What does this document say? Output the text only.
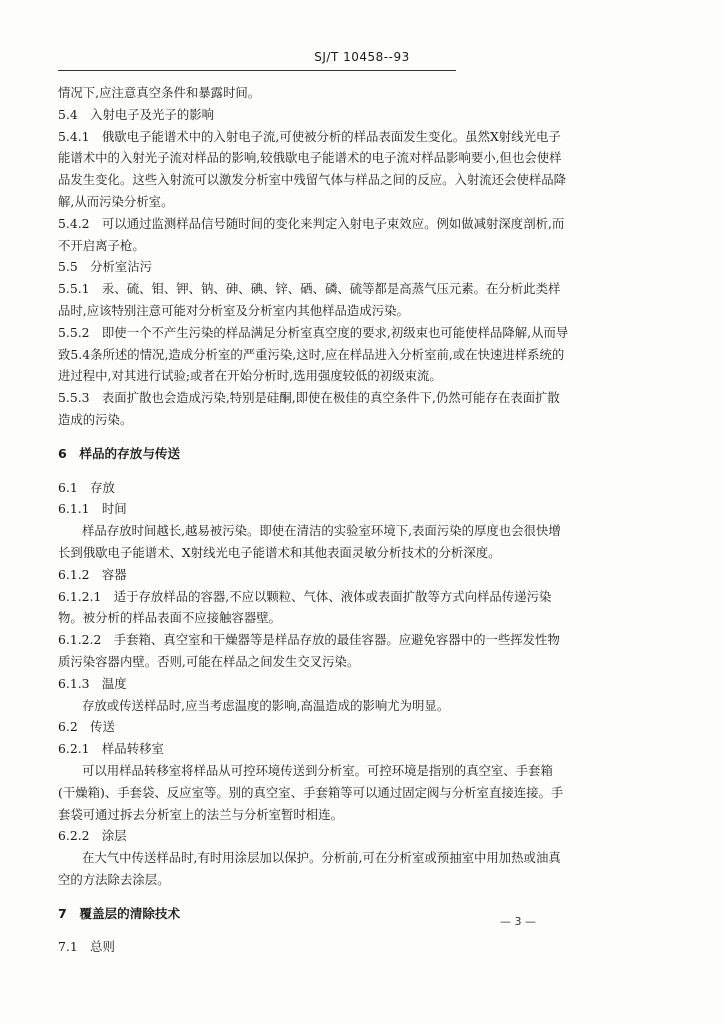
SJ/T 10458--93

情况下,应注意真空条件和暴露时间。

5.4　入射电子及光子的影响

5.4.1　俄歇电子能谱术中的入射电子流,可使被分析的样品表面发生变化。虽然X射线光电子能谱术中的入射光子流对样品的影响,较俄歇电子能谱术的电子流对样品影响要小,但也会使样品发生变化。这些入射流可以激发分析室中残留气体与样品之间的反应。入射流还会使样品降解,从而污染分析室。

5.4.2　可以通过监测样品信号随时间的变化来判定入射电子束效应。例如做减射深度剖析,而不开启离子枪。

5.5　分析室沾污

5.5.1　汞、硫、钼、钾、钠、砷、碘、锌、硒、磷、硫等都是高蒸气压元素。在分析此类样品时,应该特别注意可能对分析室及分析室内其他样品造成污染。

5.5.2　即使一个不产生污染的样品满足分析室真空度的要求,初级束也可能使样品降解,从而导致5.4条所述的情况,造成分析室的严重污染,这时,应在样品进入分析室前,或在快速进样系统的进过程中,对其进行试验;或者在开始分析时,选用强度较低的初级束流。

5.5.3　表面扩散也会造成污染,特别是硅酮,即使在极佳的真空条件下,仍然可能存在表面扩散造成的污染。

6　样品的存放与传送

6.1　存放

6.1.1　时间

样品存放时间越长,越易被污染。即使在清洁的实验室环境下,表面污染的厚度也会很快增长到俄歇电子能谱术、X射线光电子能谱术和其他表面灵敏分析技术的分析深度。

6.1.2　容器

6.1.2.1　适于存放样品的容器,不应以颗粒、气体、液体或表面扩散等方式向样品传递污染物。被分析的样品表面不应接触容器壁。

6.1.2.2　手套箱、真空室和干燥器等是样品存放的最佳容器。应避免容器中的一些挥发性物质污染容器内壁。否则,可能在样品之间发生交叉污染。

6.1.3　温度

存放或传送样品时,应当考虑温度的影响,高温造成的影响尤为明显。

6.2　传送

6.2.1　样品转移室

可以用样品转移室将样品从可控环境传送到分析室。可控环境是指别的真空室、手套箱(干燥箱)、手套袋、反应室等。别的真空室、手套箱等可以通过固定阀与分析室直接连接。手套袋可通过拆去分析室上的法兰与分析室暂时相连。

6.2.2　涂层

在大气中传送样品时,有时用涂层加以保护。分析前,可在分析室或预抽室中用加热或油真空的方法除去涂层。

7　覆盖层的清除技术

7.1　总则

— 3 —
